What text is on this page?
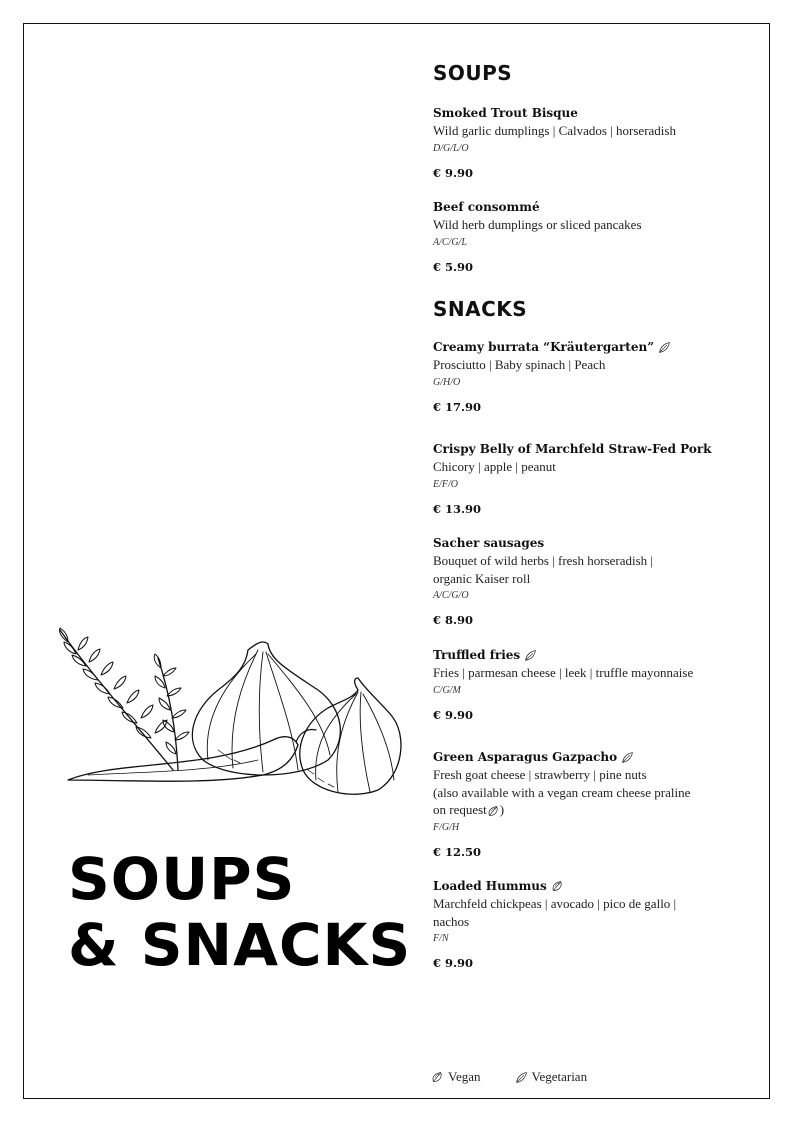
SOUPS
Smoked Trout Bisque
Wild garlic dumplings | Calvados | horseradish
D/G/L/O
€ 9.90
Beef consommé
Wild herb dumplings or sliced pancakes
A/C/G/L
€ 5.90
SNACKS
Creamy burrata “Kräutergarten”
Prosciutto | Baby spinach | Peach
G/H/O
€ 17.90
Crispy Belly of Marchfeld Straw-Fed Pork
Chicory | apple | peanut
E/F/O
€ 13.90
Sacher sausages
Bouquet of wild herbs | fresh horseradish |
organic Kaiser roll
A/C/G/O
€ 8.90
Truffled fries
Fries | parmesan cheese | leek | truffle mayonnaise
C/G/M
€ 9.90
Green Asparagus Gazpacho
Fresh goat cheese | strawberry | pine nuts
(also available with a vegan cream cheese praline
on request )
F/G/H
€ 12.50
Loaded Hummus
Marchfeld chickpeas | avocado | pico de gallo |
nachos
F/N
€ 9.90
SOUPS
& SNACKS
Vegan	Vegetarian
